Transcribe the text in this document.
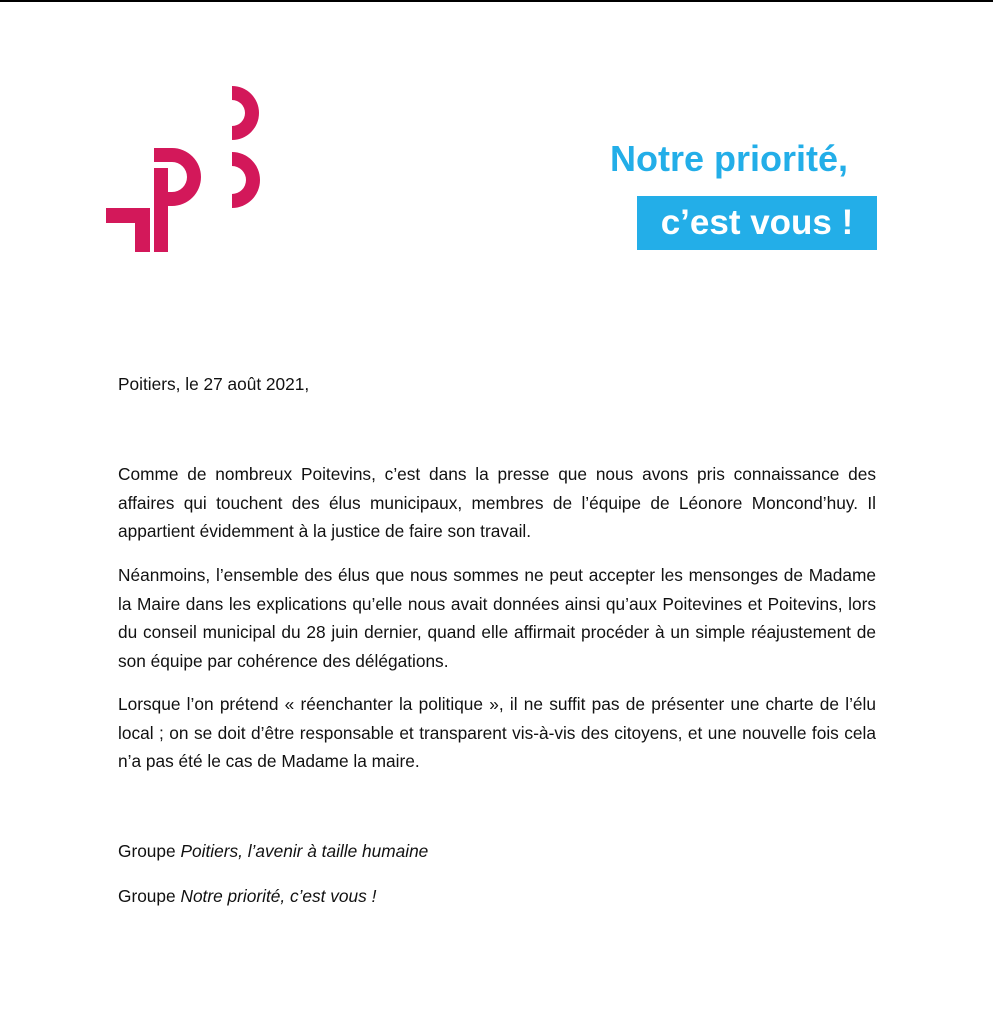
Notre priorité,
c’est vous !
Poitiers, le 27 août 2021,
Comme de nombreux Poitevins, c’est dans la presse que nous avons pris connaissance des affaires qui touchent des élus municipaux, membres de l’équipe de Léonore Moncond’huy. Il appartient évidemment à la justice de faire son travail.
Néanmoins, l’ensemble des élus que nous sommes ne peut accepter les mensonges de Madame la Maire dans les explications qu’elle nous avait données ainsi qu’aux Poitevines et Poitevins, lors du conseil municipal du 28 juin dernier, quand elle affirmait procéder à un simple réajustement de son équipe par cohérence des délégations.
Lorsque l’on prétend « réenchanter la politique », il ne suffit pas de présenter une charte de l’élu local ; on se doit d’être responsable et transparent vis-à-vis des citoyens, et une nouvelle fois cela n’a pas été le cas de Madame la maire.
Groupe Poitiers, l’avenir à taille humaine
Groupe Notre priorité, c’est vous !
